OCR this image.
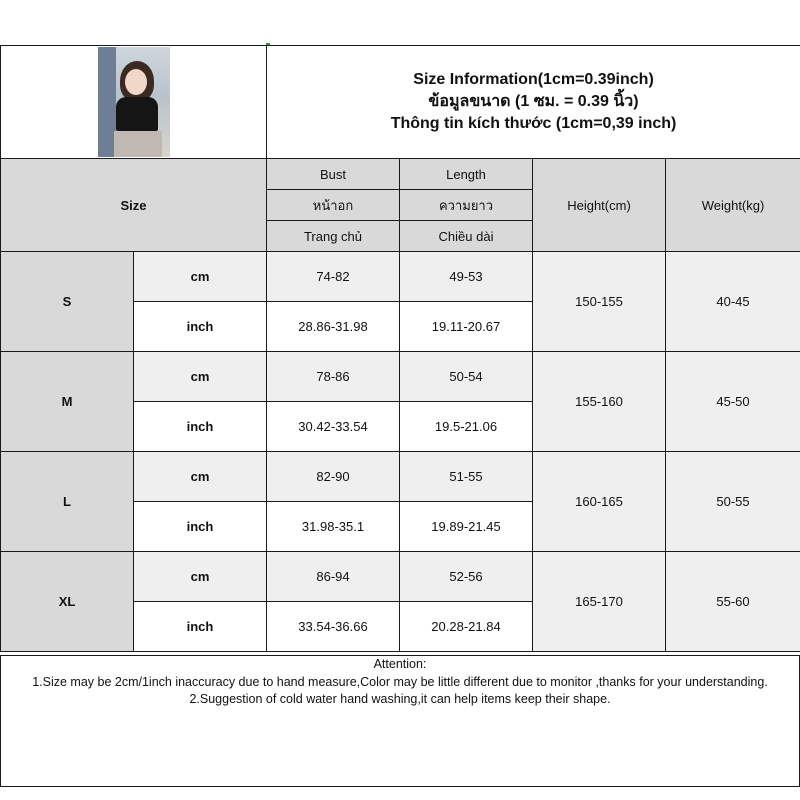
		Size Information(1cm=0.39inch)
ข้อมูลขนาด (1 ซม. = 0.39 นิ้ว)
Thông tin kích thước (1cm=0,39 inch)			

Size		Bust	Length	Height(cm)	Weight(kg)
		หน้าอก	ความยาว		
		Trang chủ	Chiều dài		
S	cm	74-82	49-53	150-155	40-45
	inch	28.86-31.98	19.11-20.67		
M	cm	78-86	50-54	155-160	45-50
	inch	30.42-33.54	19.5-21.06		
L	cm	82-90	51-55	160-165	50-55
	inch	31.98-35.1	19.89-21.45		
XL	cm	86-94	52-56	165-170	55-60
	inch	33.54-36.66	20.28-21.84		
Attention:
1.Size may be 2cm/1inch inaccuracy due to hand measure,Color may be little different due to monitor ,thanks for your understanding.
2.Suggestion of cold water hand washing,it can help items keep their shape.
